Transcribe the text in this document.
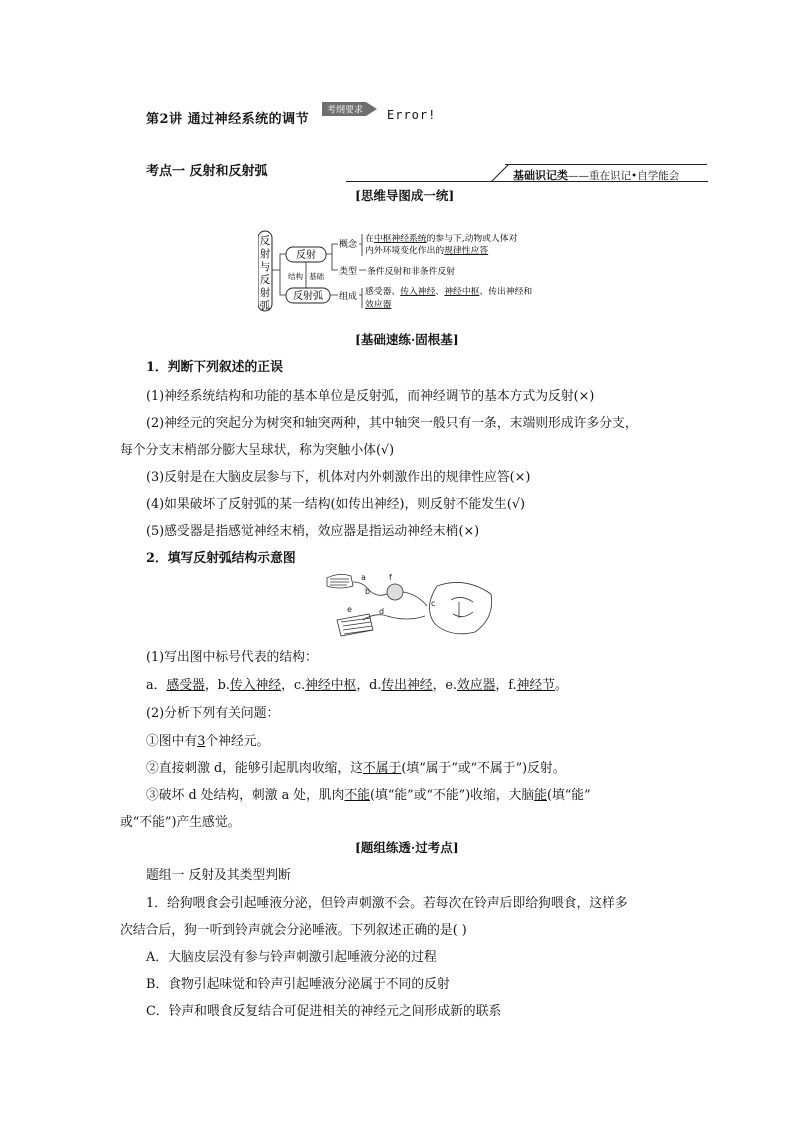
第2讲 通过神经系统的调节
考纲要求 Error!
考点一 反射和反射弧	基础识记类——重在识记•自学能会
[思维导图成一统]
反
射
与
反
射
弧
反射
反射弧
结构 基础
概念
类型
组成
在中枢神经系统的参与下,动物或人体对
内外环境变化作出的规律性应答
条件反射和非条件反射
感受器、传入神经、神经中枢、传出神经和
效应器
[基础速练·固根基]
1．判断下列叙述的正误
(1)神经系统结构和功能的基本单位是反射弧，而神经调节的基本方式为反射(×)
(2)神经元的突起分为树突和轴突两种，其中轴突一般只有一条，末端则形成许多分支，
每个分支末梢部分膨大呈球状，称为突触小体(√)
(3)反射是在大脑皮层参与下，机体对内外刺激作出的规律性应答(×)
(4)如果破坏了反射弧的某一结构(如传出神经)，则反射不能发生(√)
(5)感受器是指感觉神经末梢，效应器是指运动神经末梢(×)
2．填写反射弧结构示意图
a
b
c
d
e
f
(1)写出图中标号代表的结构：
a．感受器，b.传入神经，c.神经中枢，d.传出神经，e.效应器，f.神经节。
(2)分析下列有关问题：
①图中有3个神经元。
②直接刺激 d，能够引起肌肉收缩，这不属于(填“属于”或“不属于”)反射。
③破坏 d 处结构，刺激 a 处，肌肉不能(填“能”或“不能”)收缩，大脑能(填“能”
或“不能”)产生感觉。
[题组练透·过考点]
题组一 反射及其类型判断
1．给狗喂食会引起唾液分泌，但铃声刺激不会。若每次在铃声后即给狗喂食，这样多
次结合后，狗一听到铃声就会分泌唾液。下列叙述正确的是( )
A．大脑皮层没有参与铃声刺激引起唾液分泌的过程
B．食物引起味觉和铃声引起唾液分泌属于不同的反射
C．铃声和喂食反复结合可促进相关的神经元之间形成新的联系
